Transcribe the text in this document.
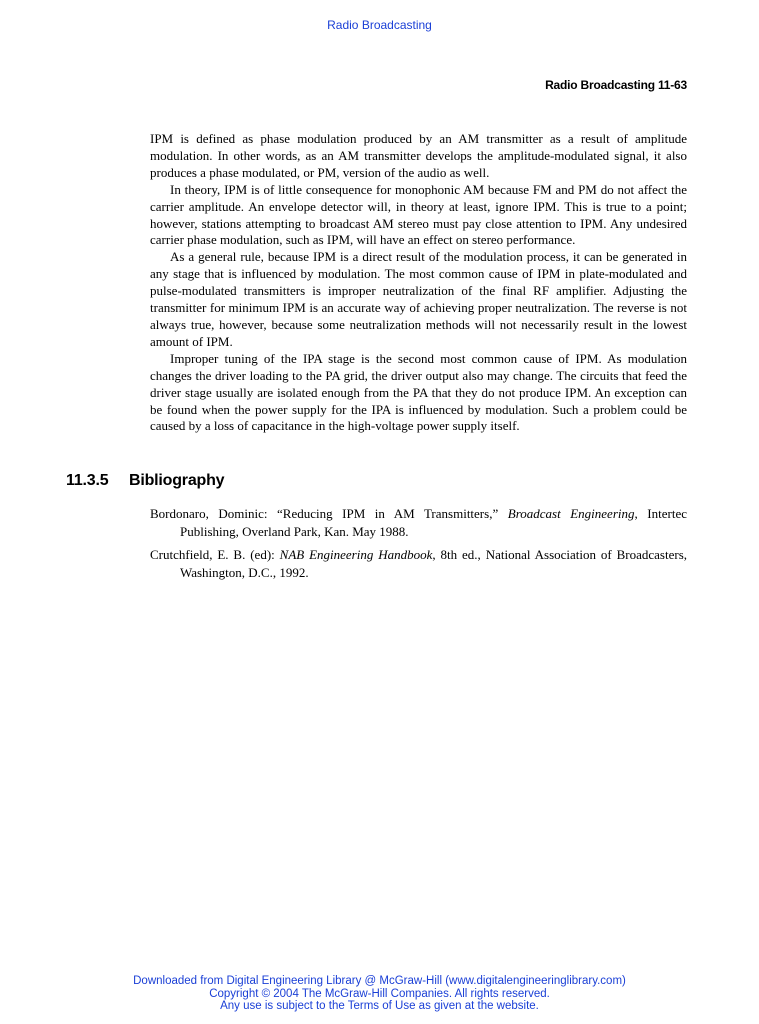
Radio Broadcasting
Radio Broadcasting 11-63

IPM is defined as phase modulation produced by an AM transmitter as a result of amplitude modulation. In other words, as an AM transmitter develops the amplitude-modulated signal, it also produces a phase modulated, or PM, version of the audio as well.

In theory, IPM is of little consequence for monophonic AM because FM and PM do not affect the carrier amplitude. An envelope detector will, in theory at least, ignore IPM. This is true to a point; however, stations attempting to broadcast AM stereo must pay close attention to IPM. Any undesired carrier phase modulation, such as IPM, will have an effect on stereo performance.

As a general rule, because IPM is a direct result of the modulation process, it can be generated in any stage that is influenced by modulation. The most common cause of IPM in plate-modulated and pulse-modulated transmitters is improper neutralization of the final RF amplifier. Adjusting the transmitter for minimum IPM is an accurate way of achieving proper neutralization. The reverse is not always true, however, because some neutralization methods will not necessarily result in the lowest amount of IPM.

Improper tuning of the IPA stage is the second most common cause of IPM. As modulation changes the driver loading to the PA grid, the driver output also may change. The circuits that feed the driver stage usually are isolated enough from the PA that they do not produce IPM. An exception can be found when the power supply for the IPA is influenced by modulation. Such a problem could be caused by a loss of capacitance in the high-voltage power supply itself.

11.3.5 Bibliography

Bordonaro, Dominic: “Reducing IPM in AM Transmitters,” Broadcast Engineering, Intertec Publishing, Overland Park, Kan. May 1988.

Crutchfield, E. B. (ed): NAB Engineering Handbook, 8th ed., National Association of Broadcasters, Washington, D.C., 1992.

Downloaded from Digital Engineering Library @ McGraw-Hill (www.digitalengineeringlibrary.com)
Copyright © 2004 The McGraw-Hill Companies. All rights reserved.
Any use is subject to the Terms of Use as given at the website.
